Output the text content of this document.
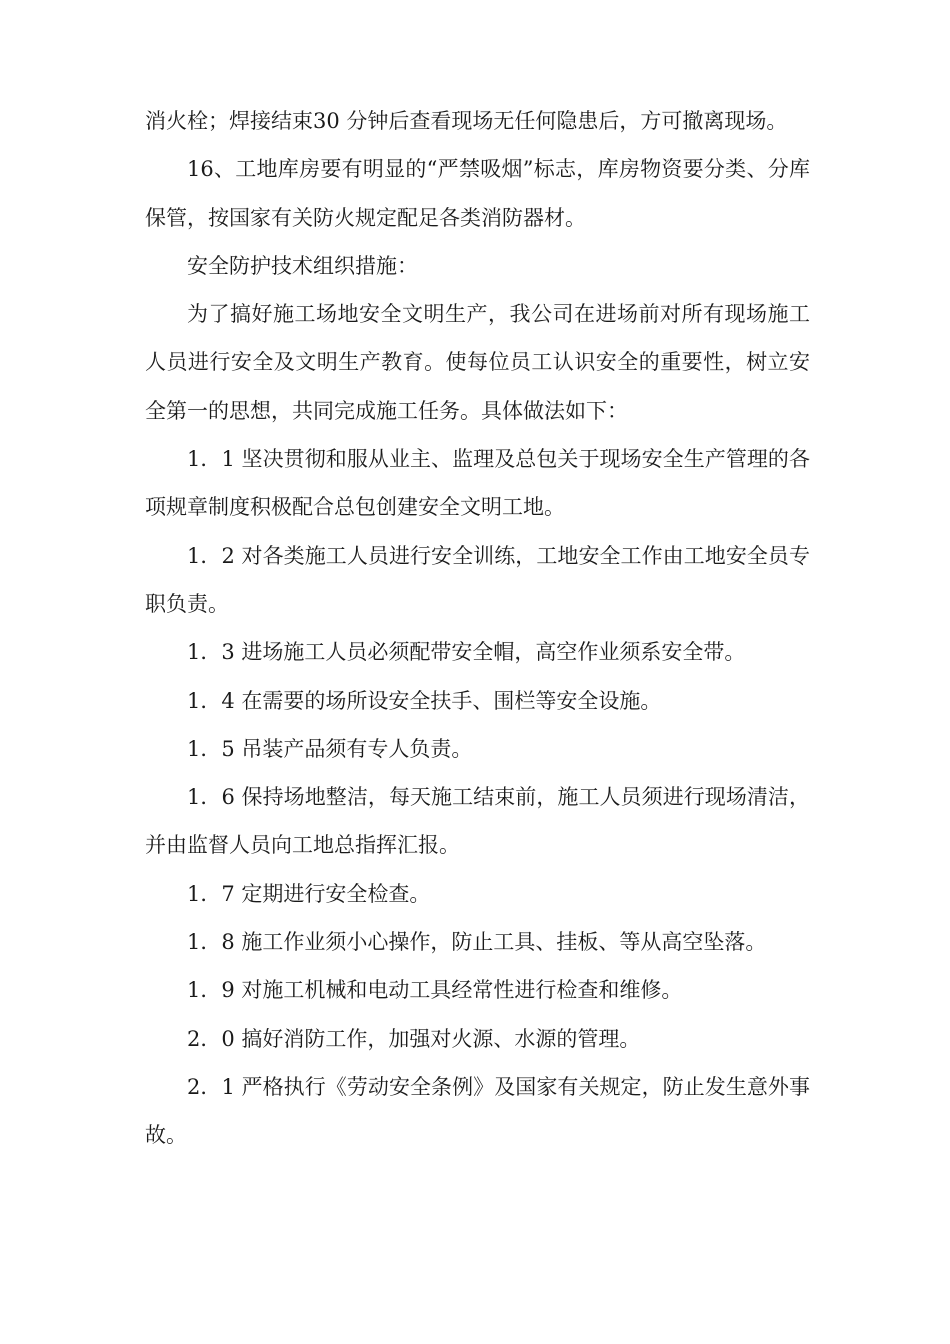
消火栓；焊接结束30 分钟后查看现场无任何隐患后，方可撤离现场。

16、工地库房要有明显的“严禁吸烟”标志，库房物资要分类、分库保管，按国家有关防火规定配足各类消防器材。

安全防护技术组织措施：

为了搞好施工场地安全文明生产，我公司在进场前对所有现场施工人员进行安全及文明生产教育。使每位员工认识安全的重要性，树立安全第一的思想，共同完成施工任务。具体做法如下：

1．1 坚决贯彻和服从业主、监理及总包关于现场安全生产管理的各项规章制度积极配合总包创建安全文明工地。

1．2 对各类施工人员进行安全训练，工地安全工作由工地安全员专职负责。

1．3 进场施工人员必须配带安全帽，高空作业须系安全带。

1．4 在需要的场所设安全扶手、围栏等安全设施。

1．5 吊装产品须有专人负责。

1．6 保持场地整洁，每天施工结束前，施工人员须进行现场清洁，并由监督人员向工地总指挥汇报。

1．7 定期进行安全检查。

1．8 施工作业须小心操作，防止工具、挂板、等从高空坠落。

1．9 对施工机械和电动工具经常性进行检查和维修。

2．0 搞好消防工作，加强对火源、水源的管理。

2．1 严格执行《劳动安全条例》及国家有关规定，防止发生意外事故。
